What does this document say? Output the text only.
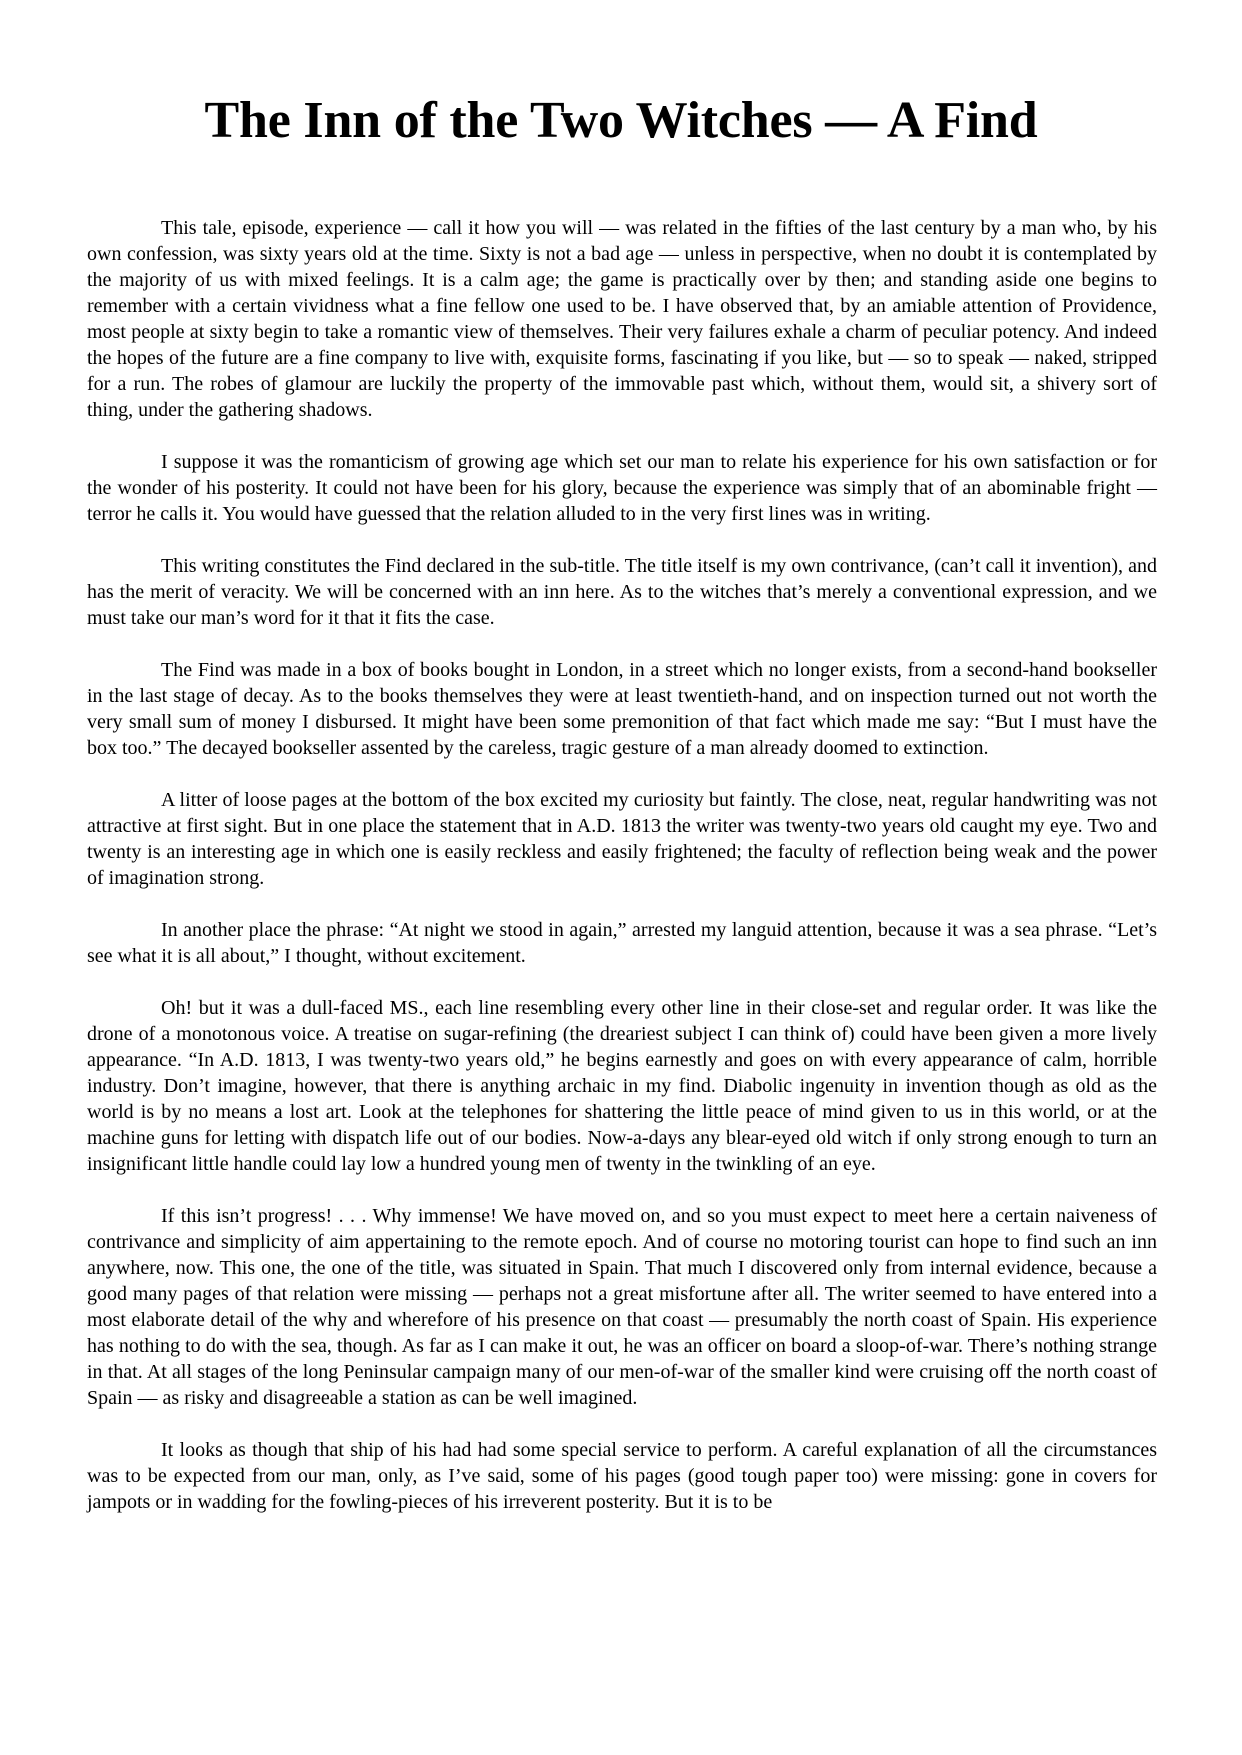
The Inn of the Two Witches — A Find

This tale, episode, experience — call it how you will — was related in the fifties of the last century by a man who, by his own confession, was sixty years old at the time. Sixty is not a bad age — unless in perspective, when no doubt it is contemplated by the majority of us with mixed feelings. It is a calm age; the game is practically over by then; and standing aside one begins to remember with a certain vividness what a fine fellow one used to be. I have observed that, by an amiable attention of Providence, most people at sixty begin to take a romantic view of themselves. Their very failures exhale a charm of peculiar potency. And indeed the hopes of the future are a fine company to live with, exquisite forms, fascinating if you like, but — so to speak — naked, stripped for a run. The robes of glamour are luckily the property of the immovable past which, without them, would sit, a shivery sort of thing, under the gathering shadows.

I suppose it was the romanticism of growing age which set our man to relate his experience for his own satisfaction or for the wonder of his posterity. It could not have been for his glory, because the experience was simply that of an abominable fright — terror he calls it. You would have guessed that the relation alluded to in the very first lines was in writing.

This writing constitutes the Find declared in the sub-title. The title itself is my own contrivance, (can’t call it invention), and has the merit of veracity. We will be concerned with an inn here. As to the witches that’s merely a conventional expression, and we must take our man’s word for it that it fits the case.

The Find was made in a box of books bought in London, in a street which no longer exists, from a second-hand bookseller in the last stage of decay. As to the books themselves they were at least twentieth-hand, and on inspection turned out not worth the very small sum of money I disbursed. It might have been some premonition of that fact which made me say: “But I must have the box too.” The decayed bookseller assented by the careless, tragic gesture of a man already doomed to extinction.

A litter of loose pages at the bottom of the box excited my curiosity but faintly. The close, neat, regular handwriting was not attractive at first sight. But in one place the statement that in A.D. 1813 the writer was twenty-two years old caught my eye. Two and twenty is an interesting age in which one is easily reckless and easily frightened; the faculty of reflection being weak and the power of imagination strong.

In another place the phrase: “At night we stood in again,” arrested my languid attention, because it was a sea phrase. “Let’s see what it is all about,” I thought, without excitement.

Oh! but it was a dull-faced MS., each line resembling every other line in their close-set and regular order. It was like the drone of a monotonous voice. A treatise on sugar-refining (the dreariest subject I can think of) could have been given a more lively appearance. “In A.D. 1813, I was twenty-two years old,” he begins earnestly and goes on with every appearance of calm, horrible industry. Don’t imagine, however, that there is anything archaic in my find. Diabolic ingenuity in invention though as old as the world is by no means a lost art. Look at the telephones for shattering the little peace of mind given to us in this world, or at the machine guns for letting with dispatch life out of our bodies. Now-a-days any blear-eyed old witch if only strong enough to turn an insignificant little handle could lay low a hundred young men of twenty in the twinkling of an eye.

If this isn’t progress! . . . Why immense! We have moved on, and so you must expect to meet here a certain naiveness of contrivance and simplicity of aim appertaining to the remote epoch. And of course no motoring tourist can hope to find such an inn anywhere, now. This one, the one of the title, was situated in Spain. That much I discovered only from internal evidence, because a good many pages of that relation were missing — perhaps not a great misfortune after all. The writer seemed to have entered into a most elaborate detail of the why and wherefore of his presence on that coast — presumably the north coast of Spain. His experience has nothing to do with the sea, though. As far as I can make it out, he was an officer on board a sloop-of-war. There’s nothing strange in that. At all stages of the long Peninsular campaign many of our men-of-war of the smaller kind were cruising off the north coast of Spain — as risky and disagreeable a station as can be well imagined.

It looks as though that ship of his had had some special service to perform. A careful explanation of all the circumstances was to be expected from our man, only, as I’ve said, some of his pages (good tough paper too) were missing: gone in covers for jampots or in wadding for the fowling-pieces of his irreverent posterity. But it is to be
